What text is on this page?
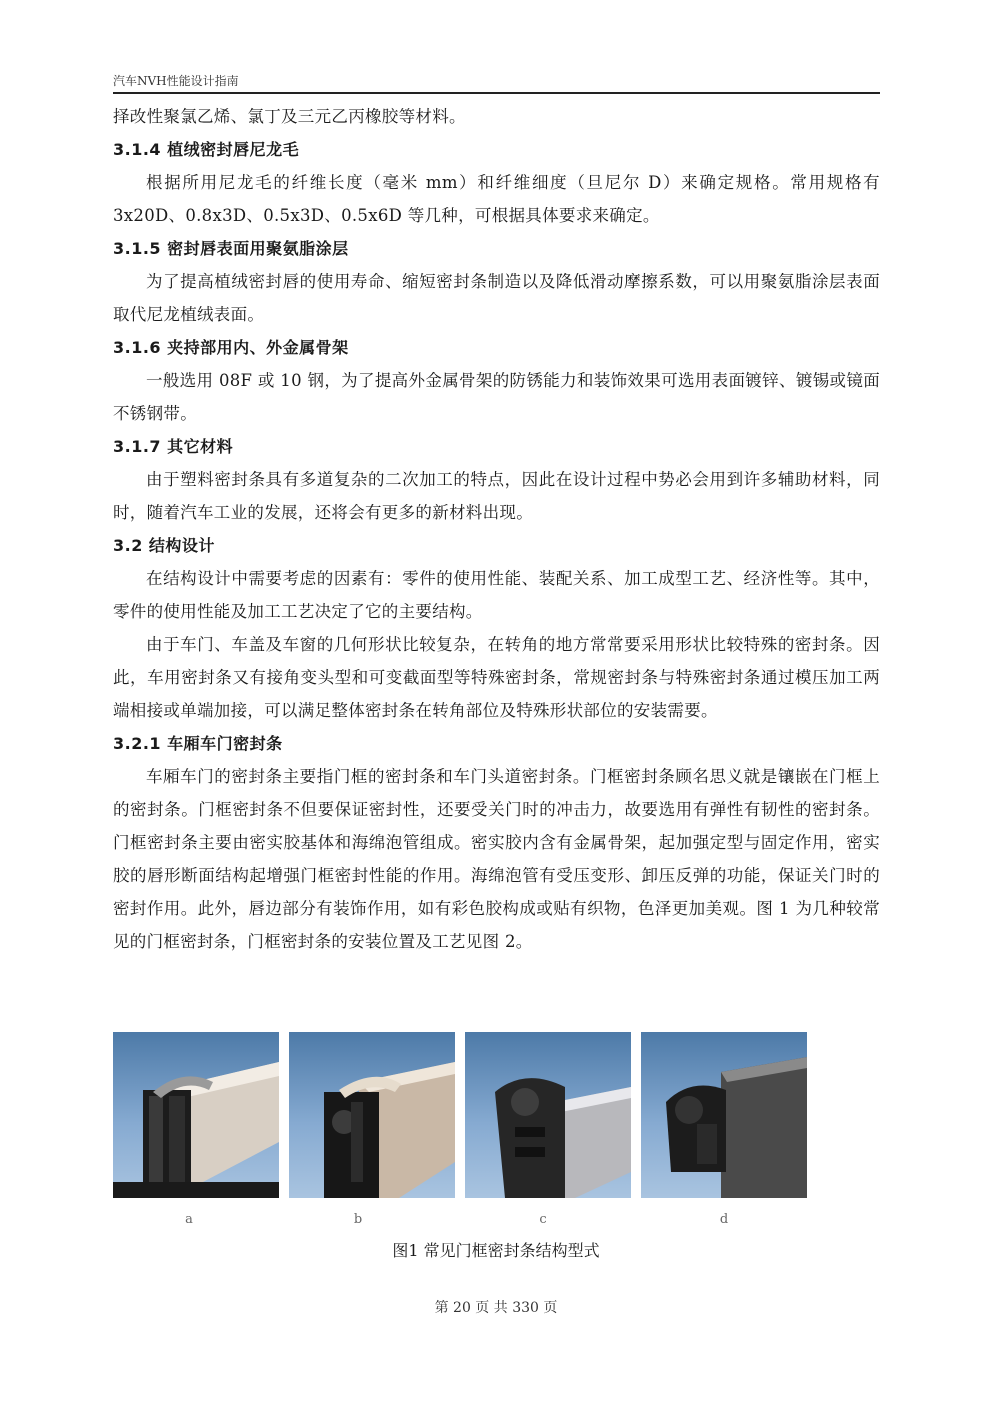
汽车NVH性能设计指南

择改性聚氯乙烯、氯丁及三元乙丙橡胶等材料。

3.1.4 植绒密封唇尼龙毛

根据所用尼龙毛的纤维长度（毫米 mm）和纤维细度（旦尼尔 D）来确定规格。常用规格有 3x20D、0.8x3D、0.5x3D、0.5x6D 等几种，可根据具体要求来确定。

3.1.5 密封唇表面用聚氨脂涂层

为了提高植绒密封唇的使用寿命、缩短密封条制造以及降低滑动摩擦系数，可以用聚氨脂涂层表面取代尼龙植绒表面。

3.1.6 夹持部用内、外金属骨架

一般选用 08F 或 10 钢，为了提高外金属骨架的防锈能力和装饰效果可选用表面镀锌、镀锡或镜面不锈钢带。

3.1.7 其它材料

由于塑料密封条具有多道复杂的二次加工的特点，因此在设计过程中势必会用到许多辅助材料，同时，随着汽车工业的发展，还将会有更多的新材料出现。

3.2 结构设计

在结构设计中需要考虑的因素有：零件的使用性能、装配关系、加工成型工艺、经济性等。其中，零件的使用性能及加工工艺决定了它的主要结构。

由于车门、车盖及车窗的几何形状比较复杂，在转角的地方常常要采用形状比较特殊的密封条。因此，车用密封条又有接角变头型和可变截面型等特殊密封条，常规密封条与特殊密封条通过模压加工两端相接或单端加接，可以满足整体密封条在转角部位及特殊形状部位的安装需要。

3.2.1 车厢车门密封条

车厢车门的密封条主要指门框的密封条和车门头道密封条。门框密封条顾名思义就是镶嵌在门框上的密封条。门框密封条不但要保证密封性，还要受关门时的冲击力，故要选用有弹性有韧性的密封条。门框密封条主要由密实胶基体和海绵泡管组成。密实胶内含有金属骨架，起加强定型与固定作用，密实胶的唇形断面结构起增强门框密封性能的作用。海绵泡管有受压变形、卸压反弹的功能，保证关门时的密封作用。此外，唇边部分有装饰作用，如有彩色胶构成或贴有织物，色泽更加美观。图 1 为几种较常见的门框密封条，门框密封条的安装位置及工艺见图 2。

a	b	c	d
图1 常见门框密封条结构型式
第 20 页 共 330 页
